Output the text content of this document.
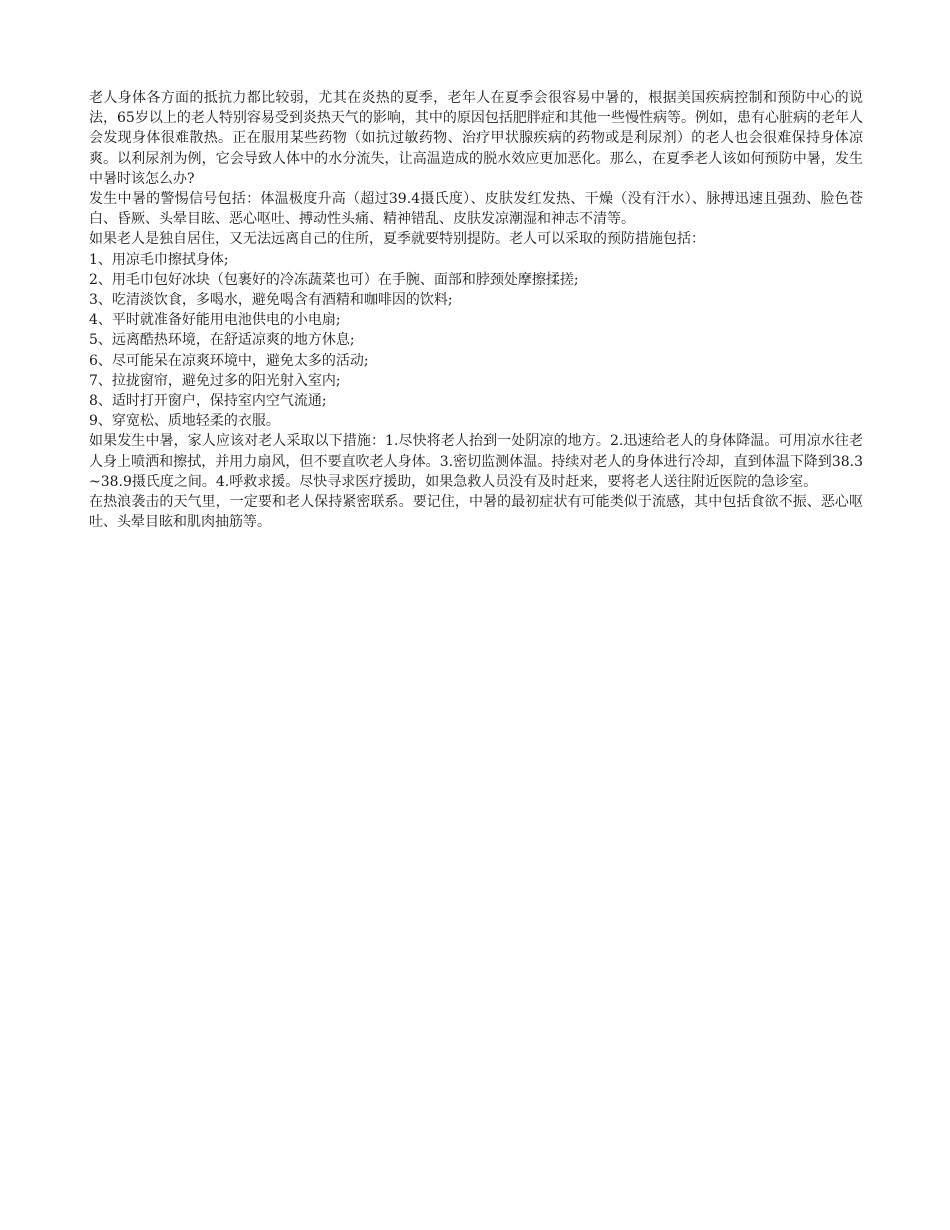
老人身体各方面的抵抗力都比较弱，尤其在炎热的夏季，老年人在夏季会很容易中暑的，根据美国疾病控制和预防中心的说法，65岁以上的老人特别容易受到炎热天气的影响，其中的原因包括肥胖症和其他一些慢性病等。例如，患有心脏病的老年人会发现身体很难散热。正在服用某些药物（如抗过敏药物、治疗甲状腺疾病的药物或是利尿剂）的老人也会很难保持身体凉爽。以利尿剂为例，它会导致人体中的水分流失，让高温造成的脱水效应更加恶化。那么，在夏季老人该如何预防中暑，发生中暑时该怎么办?

发生中暑的警惕信号包括：体温极度升高（超过39.4摄氏度）、皮肤发红发热、干燥（没有汗水）、脉搏迅速且强劲、脸色苍白、昏厥、头晕目眩、恶心呕吐、搏动性头痛、精神错乱、皮肤发凉潮湿和神志不清等。

如果老人是独自居住，又无法远离自己的住所，夏季就要特别提防。老人可以采取的预防措施包括：

1、用凉毛巾擦拭身体;

2、用毛巾包好冰块（包裹好的冷冻蔬菜也可）在手腕、面部和脖颈处摩擦揉搓;

3、吃清淡饮食，多喝水，避免喝含有酒精和咖啡因的饮料;

4、平时就准备好能用电池供电的小电扇;

5、远离酷热环境，在舒适凉爽的地方休息;

6、尽可能呆在凉爽环境中，避免太多的活动;

7、拉拢窗帘，避免过多的阳光射入室内;

8、适时打开窗户，保持室内空气流通;

9、穿宽松、质地轻柔的衣服。

如果发生中暑，家人应该对老人采取以下措施：1.尽快将老人抬到一处阴凉的地方。2.迅速给老人的身体降温。可用凉水往老人身上喷洒和擦拭，并用力扇风，但不要直吹老人身体。3.密切监测体温。持续对老人的身体进行冷却，直到体温下降到38.3~38.9摄氏度之间。4.呼救求援。尽快寻求医疗援助，如果急救人员没有及时赶来，要将老人送往附近医院的急诊室。

在热浪袭击的天气里，一定要和老人保持紧密联系。要记住，中暑的最初症状有可能类似于流感，其中包括食欲不振、恶心呕吐、头晕目眩和肌肉抽筋等。
